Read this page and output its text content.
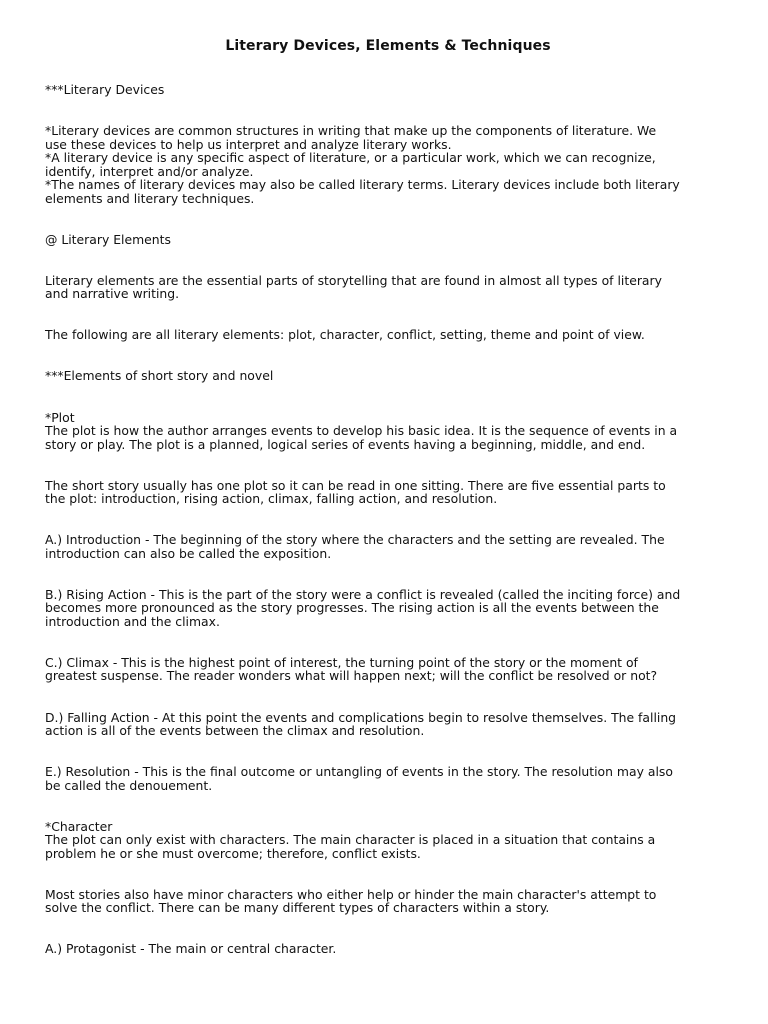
Literary Devices, Elements & Techniques
***Literary Devices
*Literary devices are common structures in writing that make up the components of literature. We
use these devices to help us interpret and analyze literary works.
*A literary device is any specific aspect of literature, or a particular work, which we can recognize,
identify, interpret and/or analyze.
*The names of literary devices may also be called literary terms. Literary devices include both literary
elements and literary techniques.
@ Literary Elements
Literary elements are the essential parts of storytelling that are found in almost all types of literary
and narrative writing.
The following are all literary elements: plot, character, conflict, setting, theme and point of view.
***Elements of short story and novel
*Plot
The plot is how the author arranges events to develop his basic idea. It is the sequence of events in a
story or play. The plot is a planned, logical series of events having a beginning, middle, and end.
The short story usually has one plot so it can be read in one sitting. There are five essential parts to
the plot: introduction, rising action, climax, falling action, and resolution.
A.) Introduction - The beginning of the story where the characters and the setting are revealed. The
introduction can also be called the exposition.
B.) Rising Action - This is the part of the story were a conflict is revealed (called the inciting force) and
becomes more pronounced as the story progresses. The rising action is all the events between the
introduction and the climax.
C.) Climax - This is the highest point of interest, the turning point of the story or the moment of
greatest suspense. The reader wonders what will happen next; will the conflict be resolved or not?
D.) Falling Action - At this point the events and complications begin to resolve themselves. The falling
action is all of the events between the climax and resolution.
E.) Resolution - This is the final outcome or untangling of events in the story. The resolution may also
be called the denouement.
*Character
The plot can only exist with characters. The main character is placed in a situation that contains a
problem he or she must overcome; therefore, conflict exists.
Most stories also have minor characters who either help or hinder the main character's attempt to
solve the conflict. There can be many different types of characters within a story.
A.) Protagonist - The main or central character.
